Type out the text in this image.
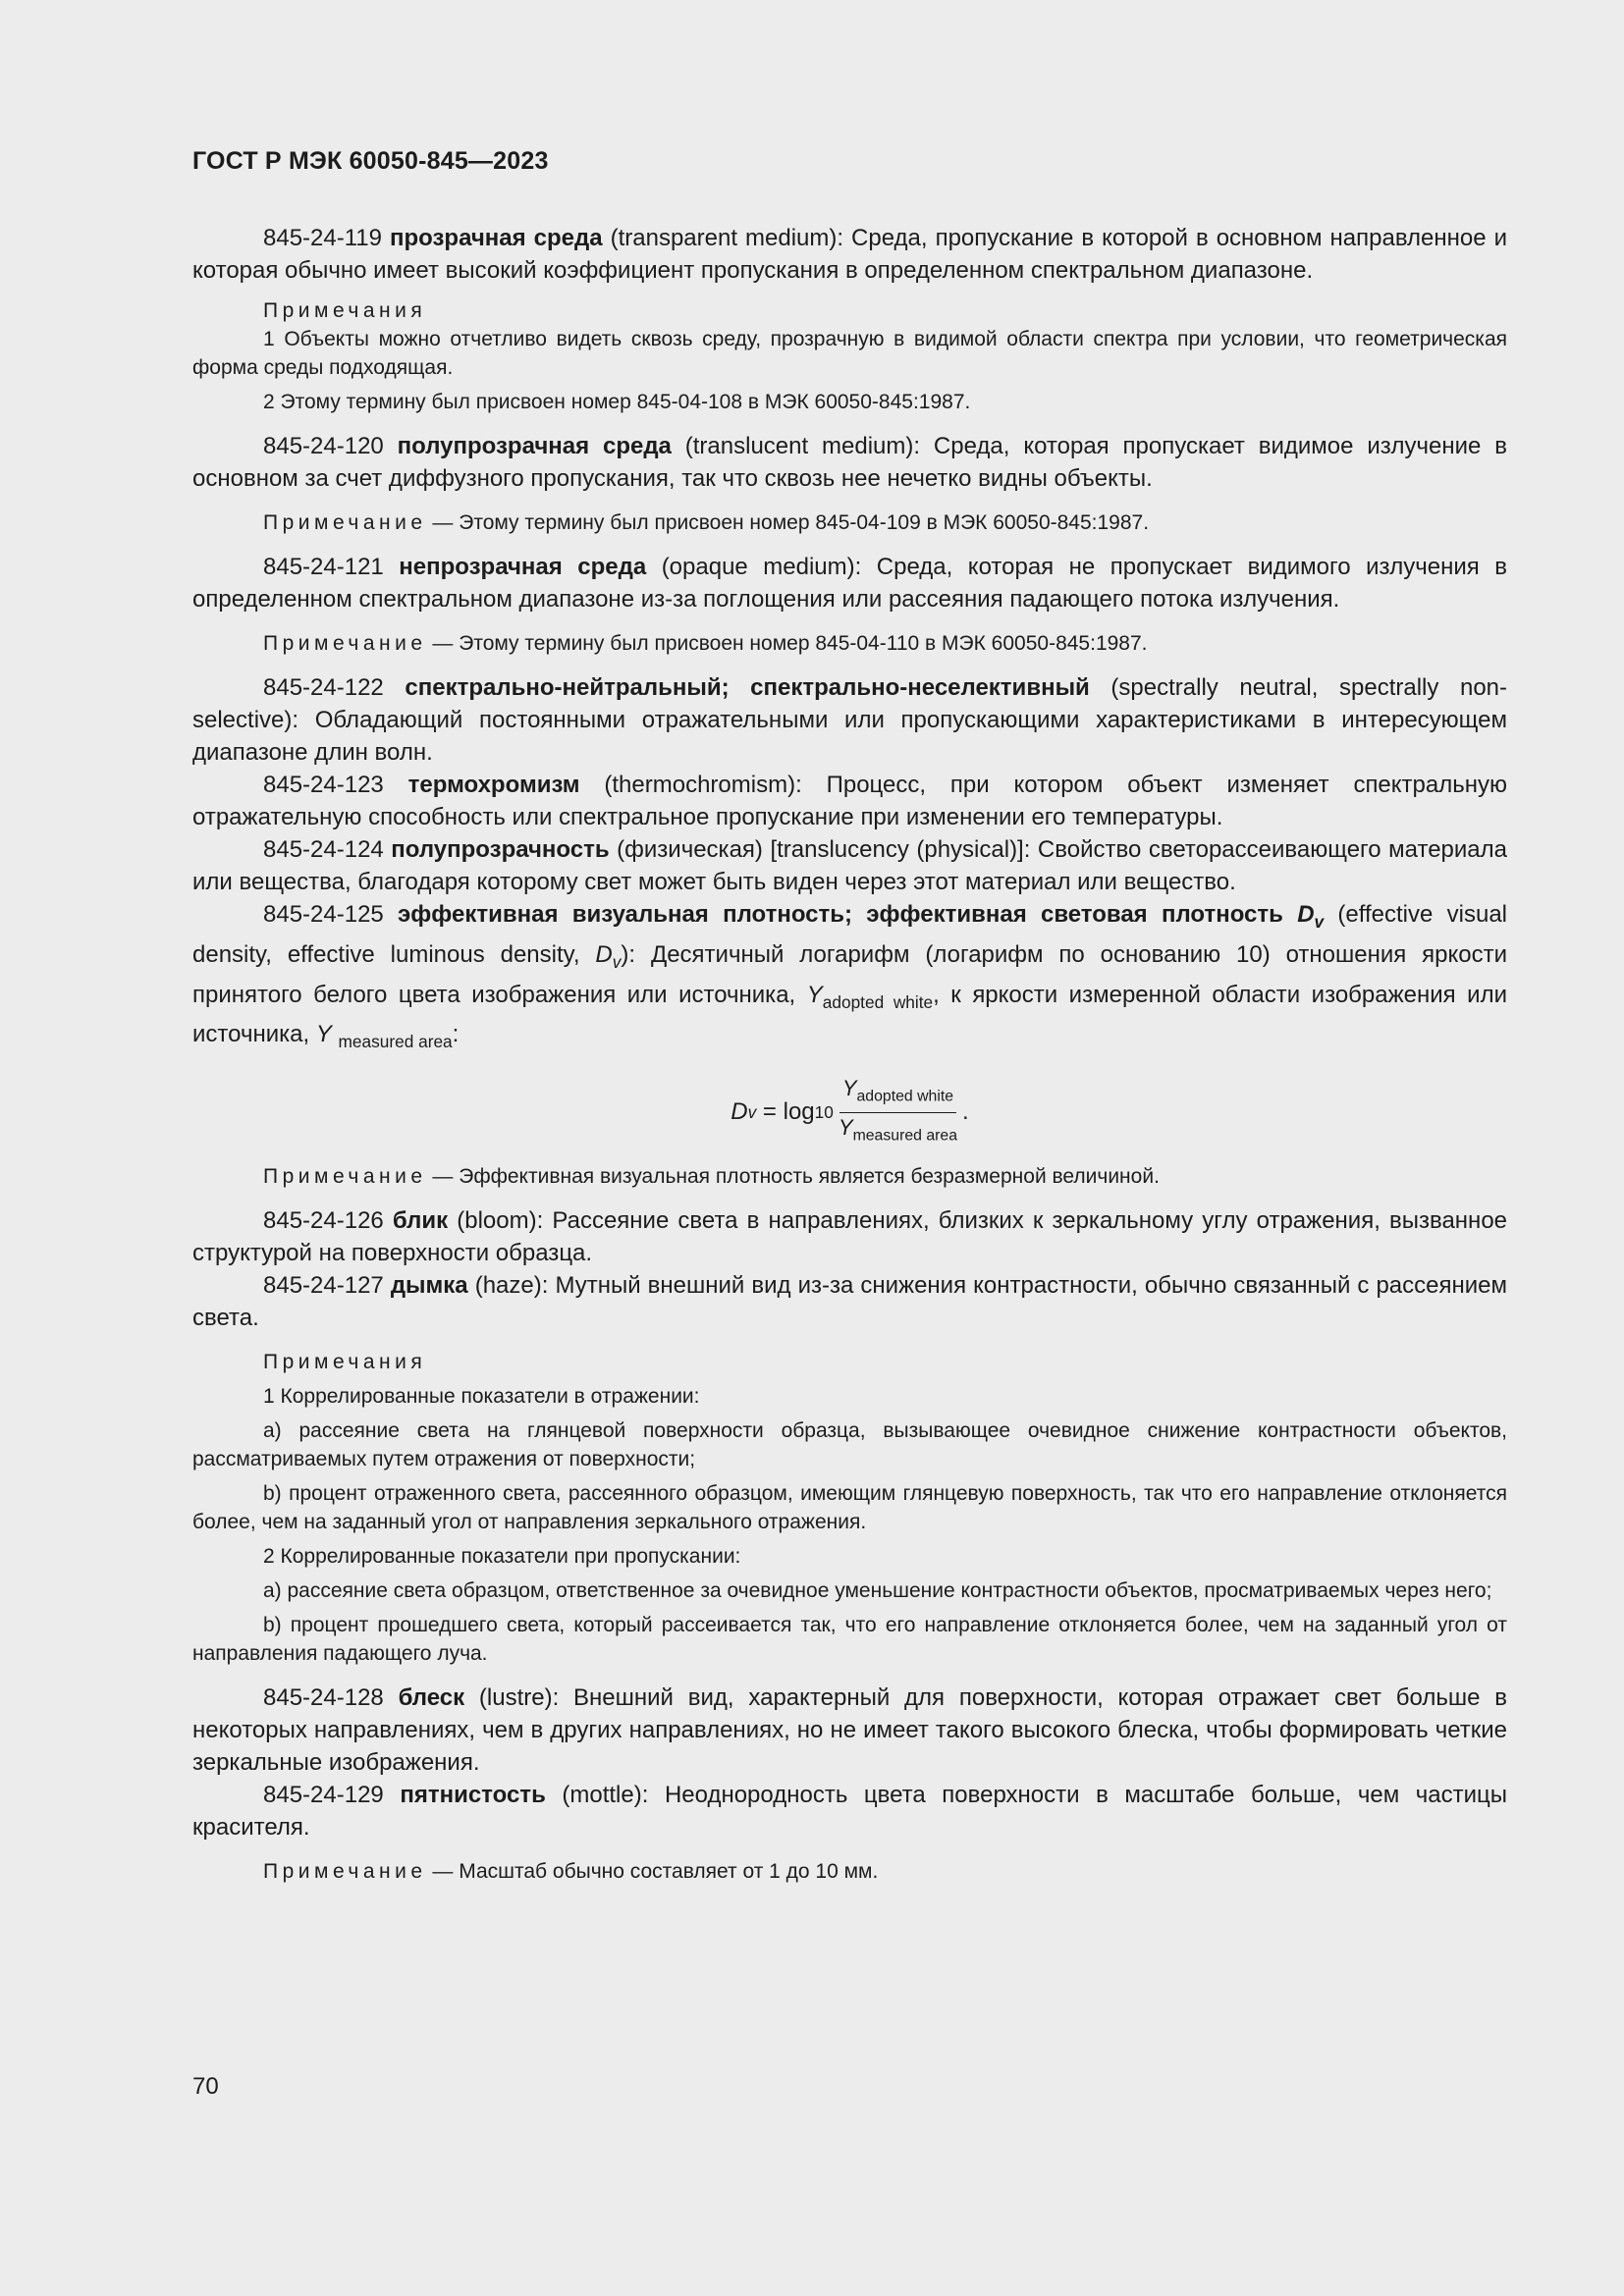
ГОСТ Р МЭК 60050-845—2023

845-24-119 прозрачная среда (transparent medium): Среда, пропускание в которой в основном направленное и которая обычно имеет высокий коэффициент пропускания в определенном спектральном диапазоне.

Примечания

1 Объекты можно отчетливо видеть сквозь среду, прозрачную в видимой области спектра при условии, что геометрическая форма среды подходящая.

2 Этому термину был присвоен номер 845-04-108 в МЭК 60050-845:1987.

845-24-120 полупрозрачная среда (translucent medium): Среда, которая пропускает видимое излучение в основном за счет диффузного пропускания, так что сквозь нее нечетко видны объекты.

Примечание — Этому термину был присвоен номер 845-04-109 в МЭК 60050-845:1987.

845-24-121 непрозрачная среда (opaque medium): Среда, которая не пропускает видимого излучения в определенном спектральном диапазоне из-за поглощения или рассеяния падающего потока излучения.

Примечание — Этому термину был присвоен номер 845-04-110 в МЭК 60050-845:1987.

845-24-122 спектрально-нейтральный; спектрально-неселективный (spectrally neutral, spectrally non-selective): Обладающий постоянными отражательными или пропускающими характеристиками в интересующем диапазоне длин волн.

845-24-123 термохромизм (thermochromism): Процесс, при котором объект изменяет спектральную отражательную способность или спектральное пропускание при изменении его температуры.

845-24-124 полупрозрачность (физическая) [translucency (physical)]: Свойство светорассеивающего материала или вещества, благодаря которому свет может быть виден через этот материал или вещество.

845-24-125 эффективная визуальная плотность; эффективная световая плотность $D_v$ (effective visual density, effective luminous density, $D_v$): Десятичный логарифм (логарифм по основанию 10) отношения яркости принятого белого цвета изображения или источника, $Y_{adopted white}$, к яркости измеренной области изображения или источника, Y $_{measured area}$:

D $v = \log 10 \frac{Y_{adopted white}}{Y_{measured area}}$ .

Примечание — Эффективная визуальная плотность является безразмерной величиной.

845-24-126 блик (bloom): Рассеяние света в направлениях, близких к зеркальному углу отражения, вызванное структурой на поверхности образца.

845-24-127 дымка (haze): Мутный внешний вид из-за снижения контрастности, обычно связанный с рассеянием света.

Примечания

1 Коррелированные показатели в отражении:

a) рассеяние света на глянцевой поверхности образца, вызывающее очевидное снижение контрастности объектов, рассматриваемых путем отражения от поверхности;

b) процент отраженного света, рассеянного образцом, имеющим глянцевую поверхность, так что его направление отклоняется более, чем на заданный угол от направления зеркального отражения.

2 Коррелированные показатели при пропускании:

a) рассеяние света образцом, ответственное за очевидное уменьшение контрастности объектов, просматриваемых через него;

b) процент прошедшего света, который рассеивается так, что его направление отклоняется более, чем на заданный угол от направления падающего луча.

845-24-128 блеск (lustre): Внешний вид, характерный для поверхности, которая отражает свет больше в некоторых направлениях, чем в других направлениях, но не имеет такого высокого блеска, чтобы формировать четкие зеркальные изображения.

845-24-129 пятнистость (mottle): Неоднородность цвета поверхности в масштабе больше, чем частицы красителя.

Примечание — Масштаб обычно составляет от 1 до 10 мм.

70
